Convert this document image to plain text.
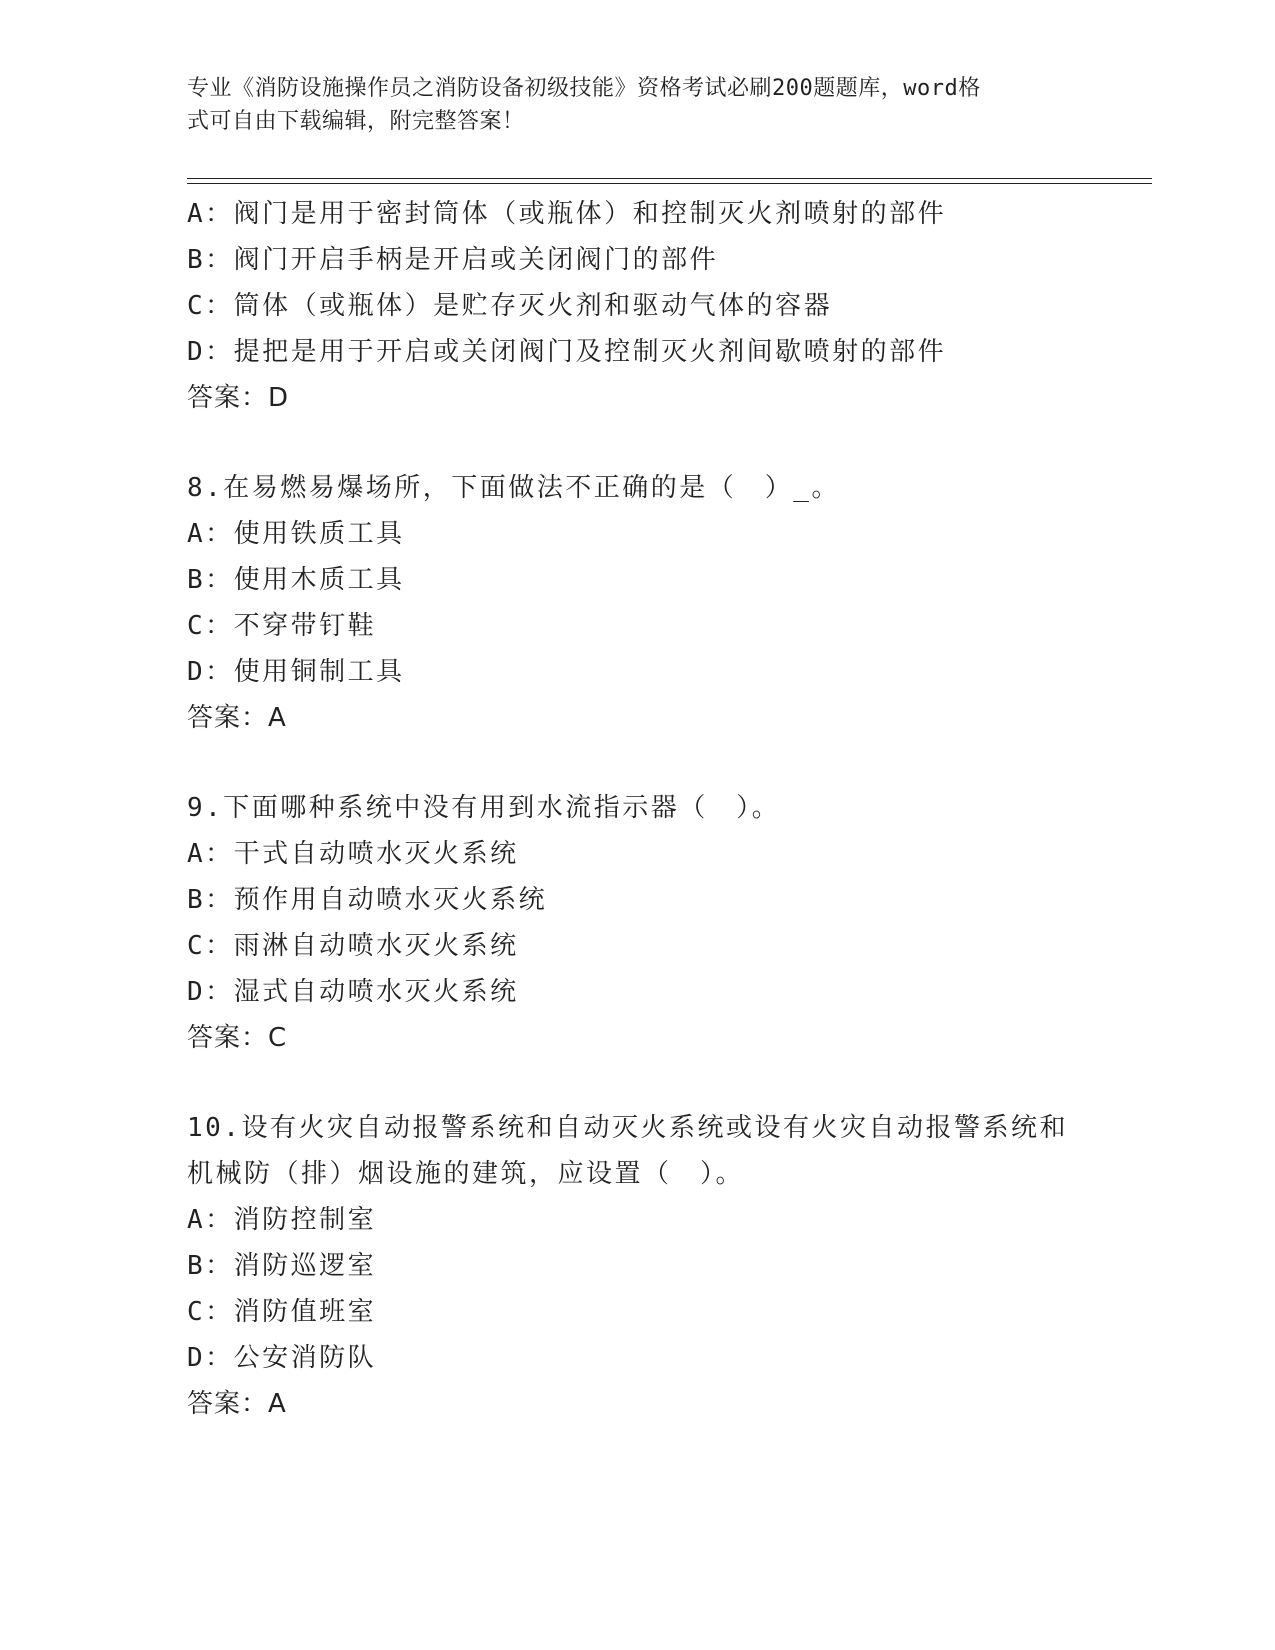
专业《消防设施操作员之消防设备初级技能》资格考试必刷200题题库，word格
式可自由下载编辑，附完整答案！
A：阀门是用于密封筒体（或瓶体）和控制灭火剂喷射的部件
B：阀门开启手柄是开启或关闭阀门的部件
C：筒体（或瓶体）是贮存灭火剂和驱动气体的容器
D：提把是用于开启或关闭阀门及控制灭火剂间歇喷射的部件
答案：D
8.在易燃易爆场所，下面做法不正确的是（　）_。
A：使用铁质工具
B：使用木质工具
C：不穿带钉鞋
D：使用铜制工具
答案：A
9.下面哪种系统中没有用到水流指示器（　）。
A：干式自动喷水灭火系统
B：预作用自动喷水灭火系统
C：雨淋自动喷水灭火系统
D：湿式自动喷水灭火系统
答案：C
10.设有火灾自动报警系统和自动灭火系统或设有火灾自动报警系统和
机械防（排）烟设施的建筑，应设置（　）。
A：消防控制室
B：消防巡逻室
C：消防值班室
D：公安消防队
答案：A
